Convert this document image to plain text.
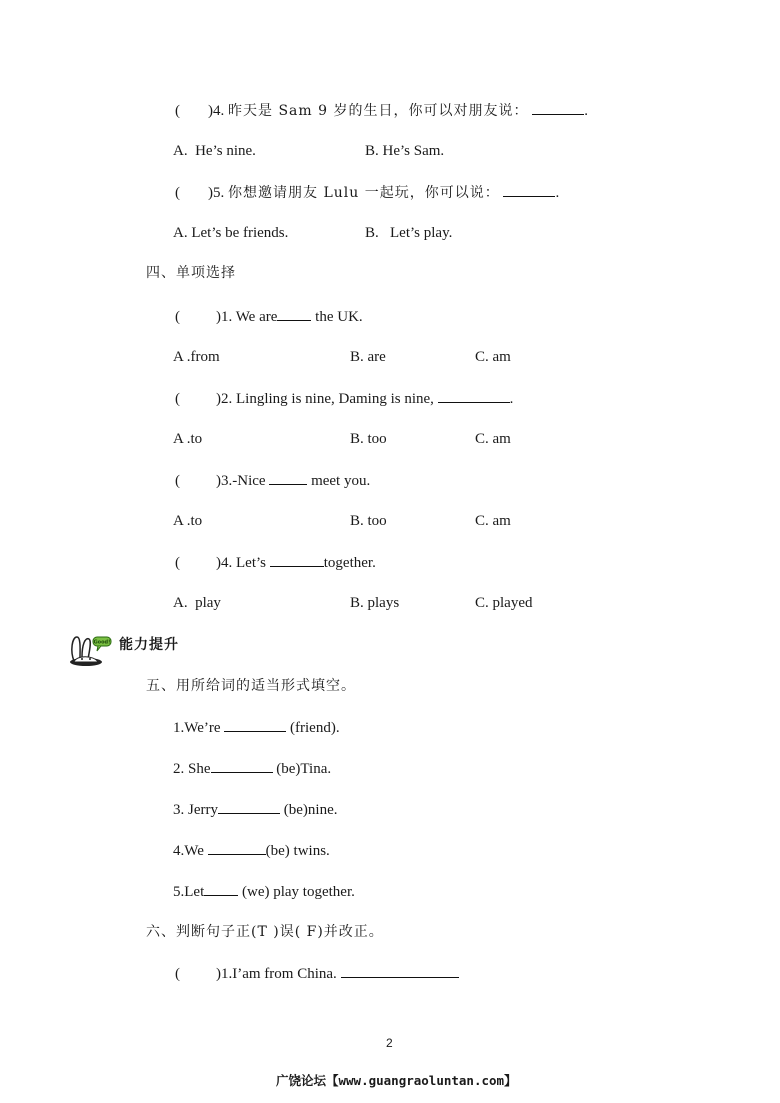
( )4. 昨天是 Sam 9 岁的生日，你可以对朋友说：	.
A.  He’s nine.	B. He’s Sam.
( )5. 你想邀请朋友 Lulu 一起玩，你可以说：	.
A. Let’s be friends.	B.   Let’s play.
四、单项选择
( )1. We are the UK.
A .from	B. are	C. am
( )2. Lingling is nine, Daming is nine,	.
A .to	B. too	C. am
( )3.-Nice	meet you.
A .to	B. too	C. am
( )4. Let’s	together.
A.  play	B. plays	C. played
Good! 能力提升
五、用所给词的适当形式填空。
1.We’re	(friend).
2. She	(be)Tina.
3. Jerry	(be)nine.
4.We	(be) twins.
5.Let (we) play together.
六、判断句子正(T )误( F)并改正。
( )1.I’am from China.
2
广饶论坛【www.guangraoluntan.com】
